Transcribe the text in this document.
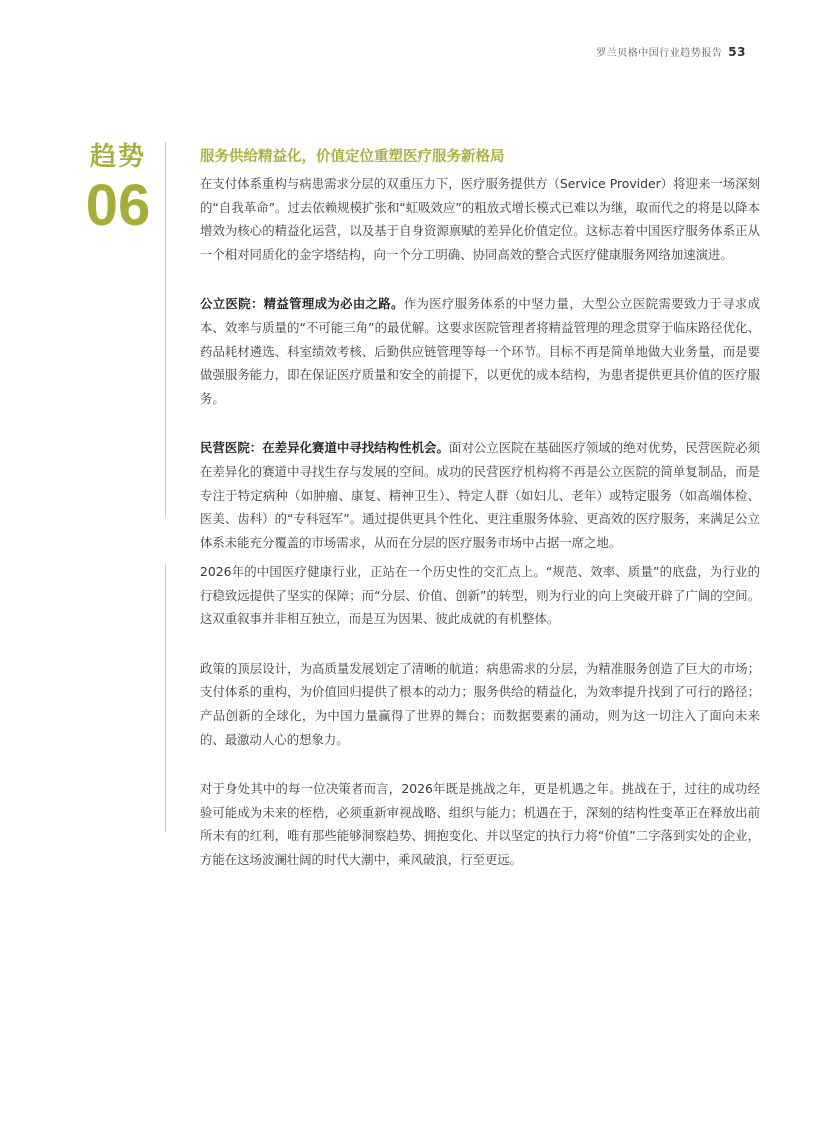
罗兰贝格中国行业趋势报告 53
趋势
06
服务供给精益化，价值定位重塑医疗服务新格局

在支付体系重构与病患需求分层的双重压力下，医疗服务提供方（Service Provider）将迎来一场深刻的“自我革命”。过去依赖规模扩张和“虹吸效应”的粗放式增长模式已难以为继，取而代之的将是以降本增效为核心的精益化运营，以及基于自身资源禀赋的差异化价值定位。这标志着中国医疗服务体系正从一个相对同质化的金字塔结构，向一个分工明确、协同高效的整合式医疗健康服务网络加速演进。

公立医院：精益管理成为必由之路。作为医疗服务体系的中坚力量，大型公立医院需要致力于寻求成本、效率与质量的“不可能三角”的最优解。这要求医院管理者将精益管理的理念贯穿于临床路径优化、药品耗材遴选、科室绩效考核、后勤供应链管理等每一个环节。目标不再是简单地做大业务量，而是要做强服务能力，即在保证医疗质量和安全的前提下，以更优的成本结构，为患者提供更具价值的医疗服务。

民营医院：在差异化赛道中寻找结构性机会。面对公立医院在基础医疗领域的绝对优势，民营医院必须在差异化的赛道中寻找生存与发展的空间。成功的民营医疗机构将不再是公立医院的简单复制品，而是专注于特定病种（如肿瘤、康复、精神卫生）、特定人群（如妇儿、老年）或特定服务（如高端体检、医美、齿科）的“专科冠军”。通过提供更具个性化、更注重服务体验、更高效的医疗服务，来满足公立体系未能充分覆盖的市场需求，从而在分层的医疗服务市场中占据一席之地。

2026年的中国医疗健康行业，正站在一个历史性的交汇点上。“规范、效率、质量”的底盘，为行业的行稳致远提供了坚实的保障；而“分层、价值、创新”的转型，则为行业的向上突破开辟了广阔的空间。这双重叙事并非相互独立，而是互为因果、彼此成就的有机整体。

政策的顶层设计，为高质量发展划定了清晰的航道；病患需求的分层，为精准服务创造了巨大的市场；支付体系的重构，为价值回归提供了根本的动力；服务供给的精益化，为效率提升找到了可行的路径；产品创新的全球化，为中国力量赢得了世界的舞台；而数据要素的涌动，则为这一切注入了面向未来的、最激动人心的想象力。

对于身处其中的每一位决策者而言，2026年既是挑战之年，更是机遇之年。挑战在于，过往的成功经验可能成为未来的桎梏，必须重新审视战略、组织与能力；机遇在于，深刻的结构性变革正在释放出前所未有的红利，唯有那些能够洞察趋势、拥抱变化、并以坚定的执行力将“价值”二字落到实处的企业，方能在这场波澜壮阔的时代大潮中，乘风破浪，行至更远。
